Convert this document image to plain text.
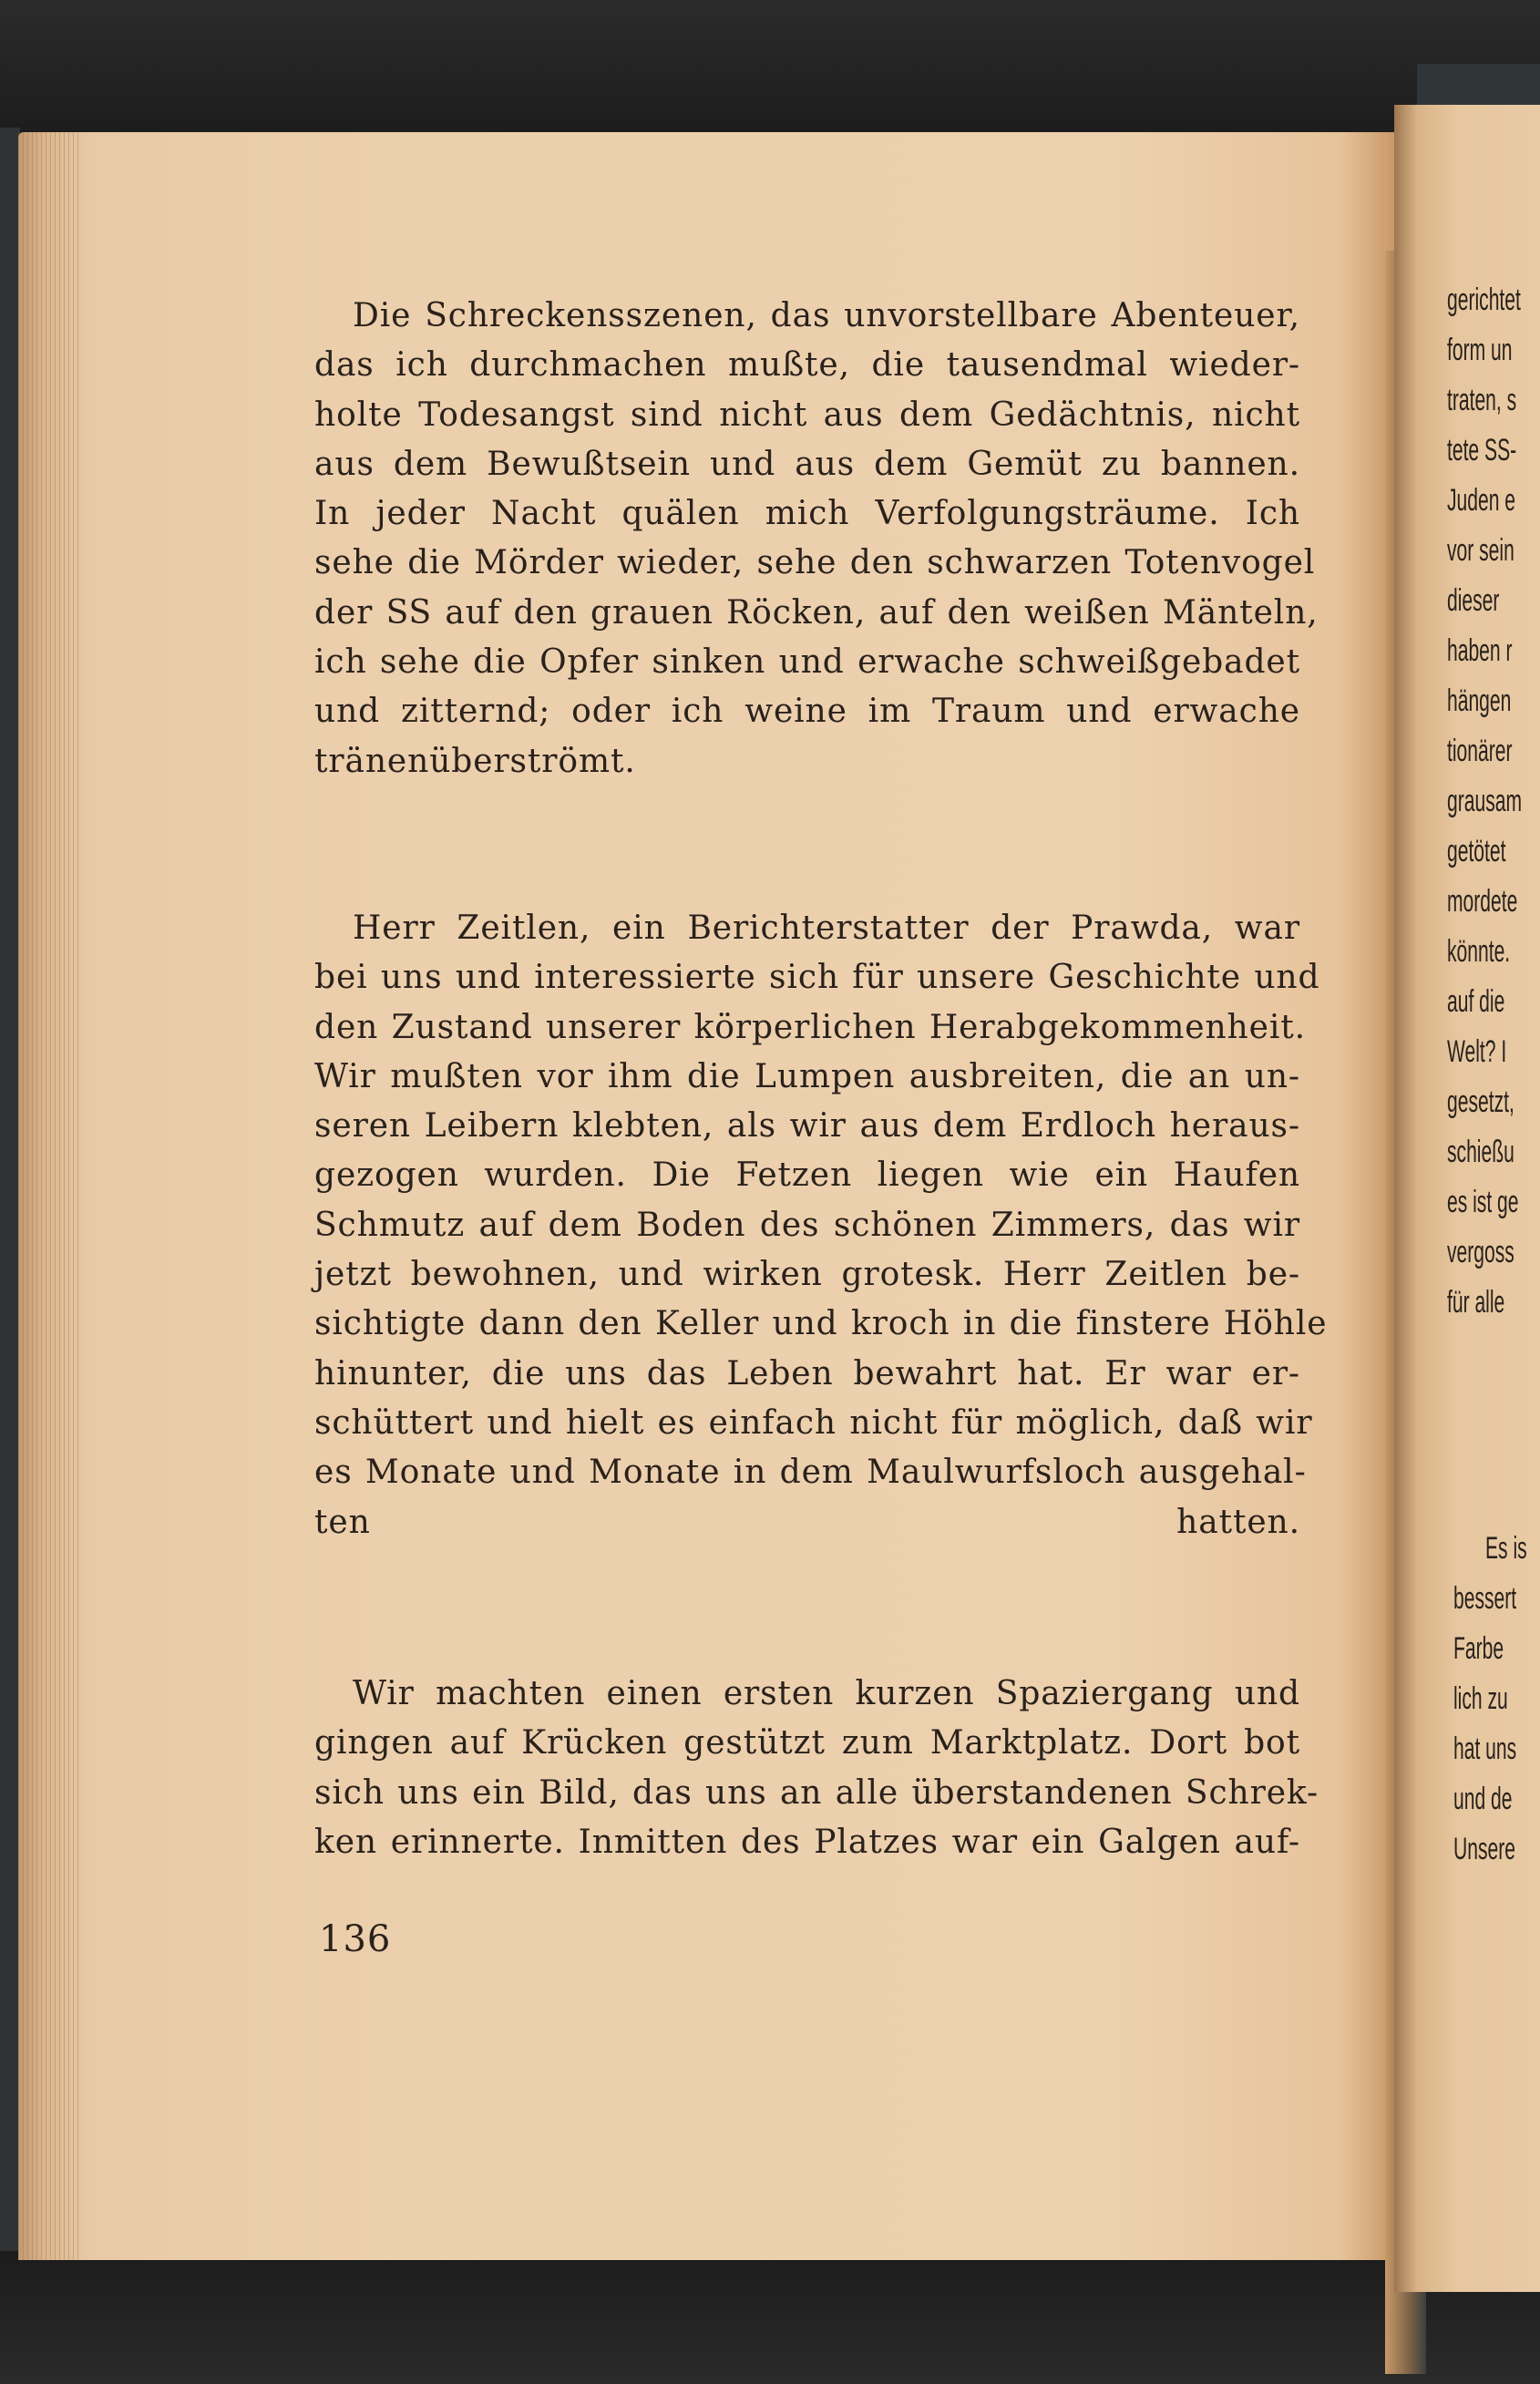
Die Schreckensszenen, das unvorstellbare Abenteuer,
das ich durchmachen mußte, die tausendmal wieder-
holte Todesangst sind nicht aus dem Gedächtnis, nicht
aus dem Bewußtsein und aus dem Gemüt zu bannen.
In jeder Nacht quälen mich Verfolgungsträume. Ich
sehe die Mörder wieder, sehe den schwarzen Totenvogel
der SS auf den grauen Röcken, auf den weißen Mänteln,
ich sehe die Opfer sinken und erwache schweißgebadet
und zitternd; oder ich weine im Traum und erwache
tränenüberströmt.
Herr Zeitlen, ein Berichterstatter der Prawda, war
bei uns und interessierte sich für unsere Geschichte und
den Zustand unserer körperlichen Herabgekommenheit.
Wir mußten vor ihm die Lumpen ausbreiten, die an un-
seren Leibern klebten, als wir aus dem Erdloch heraus-
gezogen wurden. Die Fetzen liegen wie ein Haufen
Schmutz auf dem Boden des schönen Zimmers, das wir
jetzt bewohnen, und wirken grotesk. Herr Zeitlen be-
sichtigte dann den Keller und kroch in die finstere Höhle
hinunter, die uns das Leben bewahrt hat. Er war er-
schüttert und hielt es einfach nicht für möglich, daß wir
es Monate und Monate in dem Maulwurfsloch ausgehal-
ten hatten.
Wir machten einen ersten kurzen Spaziergang und
gingen auf Krücken gestützt zum Marktplatz. Dort bot
sich uns ein Bild, das uns an alle überstandenen Schrek-
ken erinnerte. Inmitten des Platzes war ein Galgen auf-
136
gerichtet
form un
traten, s
tete SS-
Juden e
vor sein
dieser
haben r
hängen
tionärer
grausam
getötet
mordete
könnte.
auf die
Welt? I
gesetzt,
schießu
es ist ge
vergoss
für alle
Es is
bessert
Farbe
lich zu
hat uns
und de
Unsere
